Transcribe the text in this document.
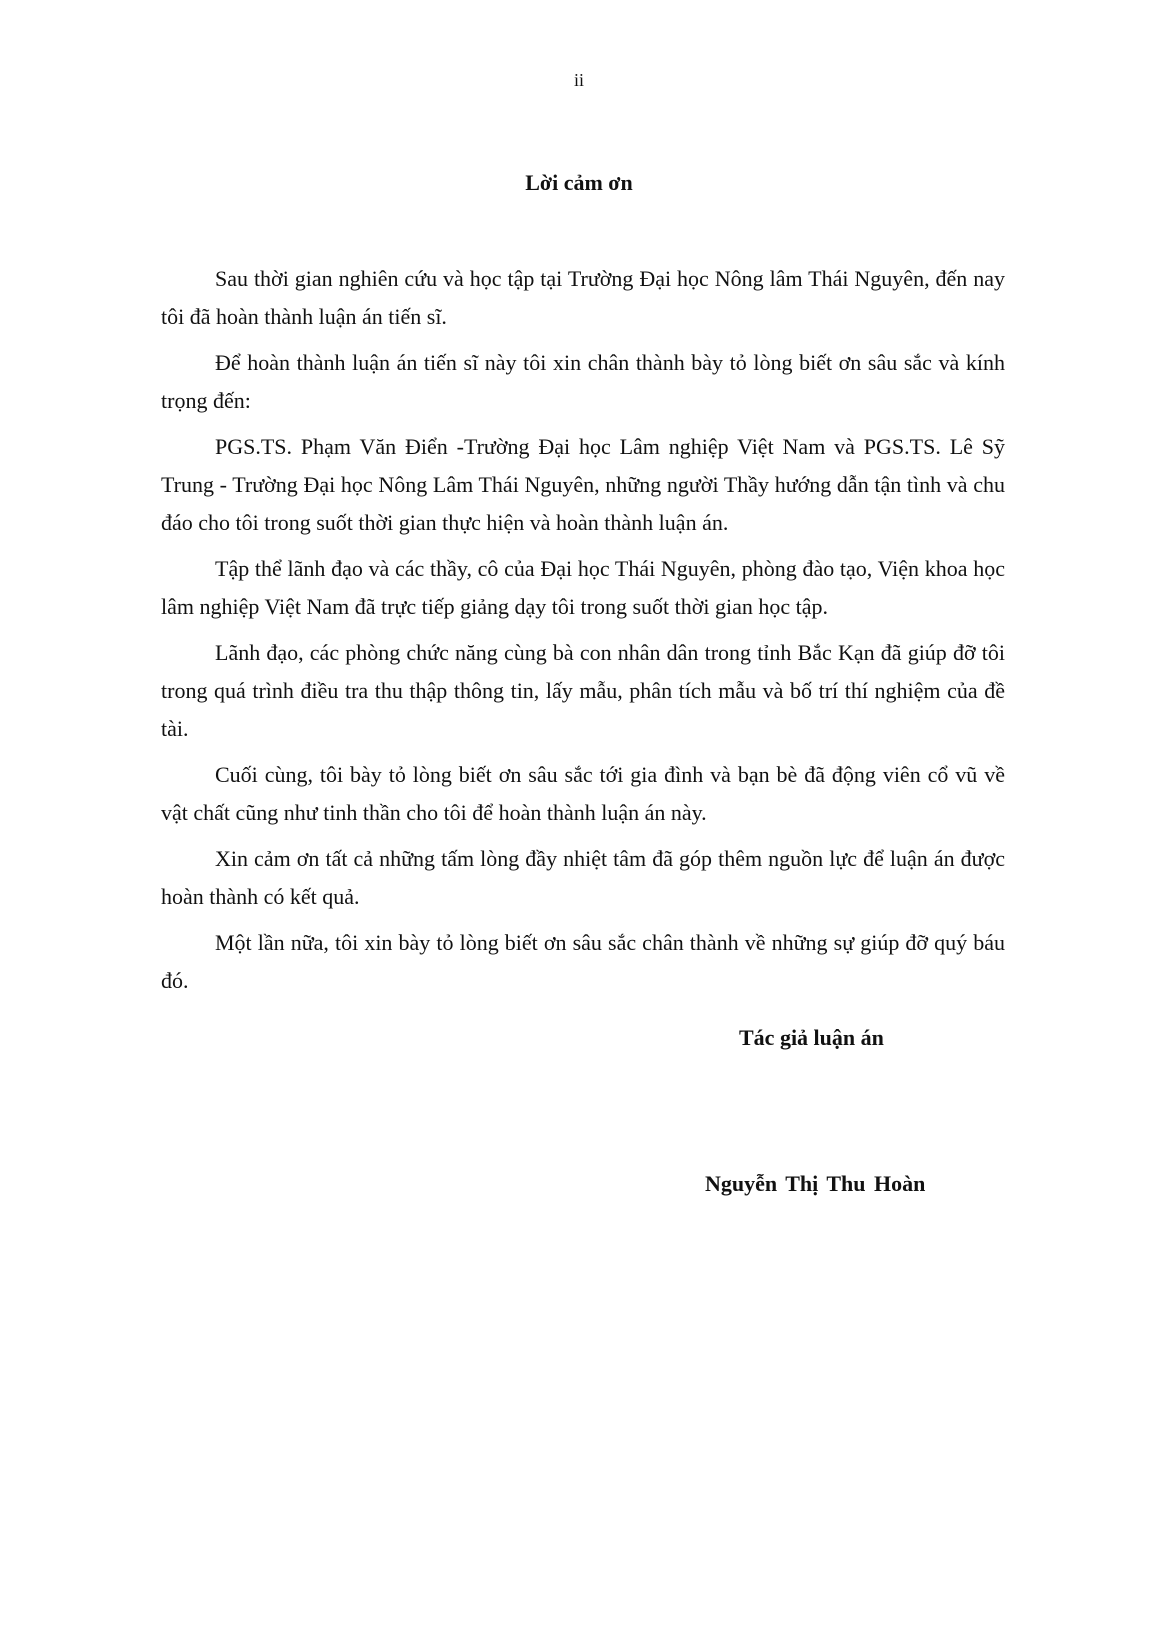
ii
Lời cảm ơn

Sau thời gian nghiên cứu và học tập tại Trường Đại học Nông lâm Thái Nguyên, đến nay tôi đã hoàn thành luận án tiến sĩ.

Để hoàn thành luận án tiến sĩ này tôi xin chân thành bày tỏ lòng biết ơn sâu sắc và kính trọng đến:

PGS.TS. Phạm Văn Điển -Trường Đại học Lâm nghiệp Việt Nam và PGS.TS. Lê Sỹ Trung - Trường Đại học Nông Lâm Thái Nguyên, những người Thầy hướng dẫn tận tình và chu đáo cho tôi trong suốt thời gian thực hiện và hoàn thành luận án.

Tập thể lãnh đạo và các thầy, cô của Đại học Thái Nguyên, phòng đào tạo, Viện khoa học lâm nghiệp Việt Nam đã trực tiếp giảng dạy tôi trong suốt thời gian học tập.

Lãnh đạo, các phòng chức năng cùng bà con nhân dân trong tỉnh Bắc Kạn đã giúp đỡ tôi trong quá trình điều tra thu thập thông tin, lấy mẫu, phân tích mẫu và bố trí thí nghiệm của đề tài.

Cuối cùng, tôi bày tỏ lòng biết ơn sâu sắc tới gia đình và bạn bè đã động viên cổ vũ về vật chất cũng như tinh thần cho tôi để hoàn thành luận án này.

Xin cảm ơn tất cả những tấm lòng đầy nhiệt tâm đã góp thêm nguồn lực để luận án được hoàn thành có kết quả.

Một lần nữa, tôi xin bày tỏ lòng biết ơn sâu sắc chân thành về những sự giúp đỡ quý báu đó.

Tác giả luận án
Nguyễn Thị Thu Hoàn
